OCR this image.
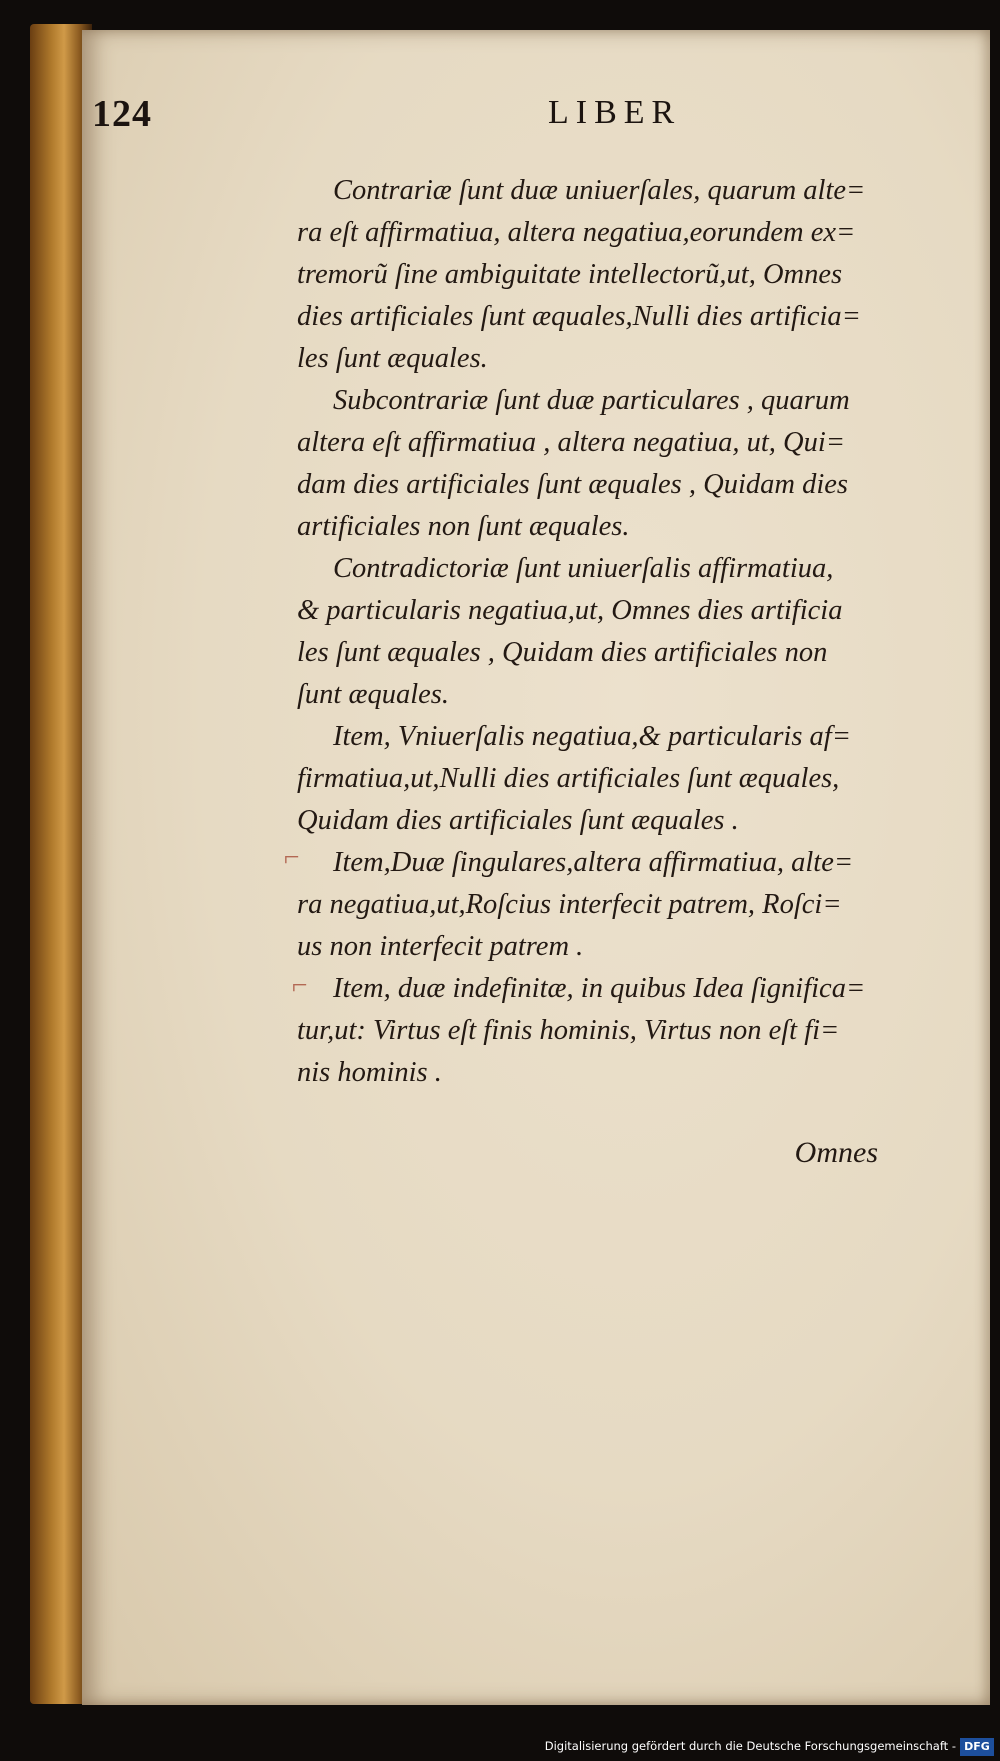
124	LIBER
⌐
⌐
Contrariæ ſunt duæ uniuerſales, quarum alte=
ra eſt affirmatiua, altera negatiua,eorundem ex=
tremorũ ſine ambiguitate intellectorũ,ut, Omnes
dies artificiales ſunt æquales,Nulli dies artificia=
les ſunt æquales.
Subcontrariæ ſunt duæ particulares , quarum
altera eſt affirmatiua , altera negatiua, ut, Qui=
dam dies artificiales ſunt æquales , Quidam dies
artificiales non ſunt æquales.
Contradictoriæ ſunt uniuerſalis affirmatiua,
& particularis negatiua,ut, Omnes dies artificia
les ſunt æquales , Quidam dies artificiales non
ſunt æquales.
Item, Vniuerſalis negatiua,& particularis af=
firmatiua,ut,Nulli dies artificiales ſunt æquales,
Quidam dies artificiales ſunt æquales .
Item,Duæ ſingulares,altera affirmatiua, alte=
ra negatiua,ut,Roſcius interfecit patrem, Roſci=
us non interfecit patrem .
Item, duæ indefinitæ, in quibus Idea ſignifica=
tur,ut: Virtus eſt finis hominis, Virtus non eſt fi=
nis hominis .
Omnes
Digitalisierung gefördert durch die Deutsche Forschungsgemeinschaft - DFG
